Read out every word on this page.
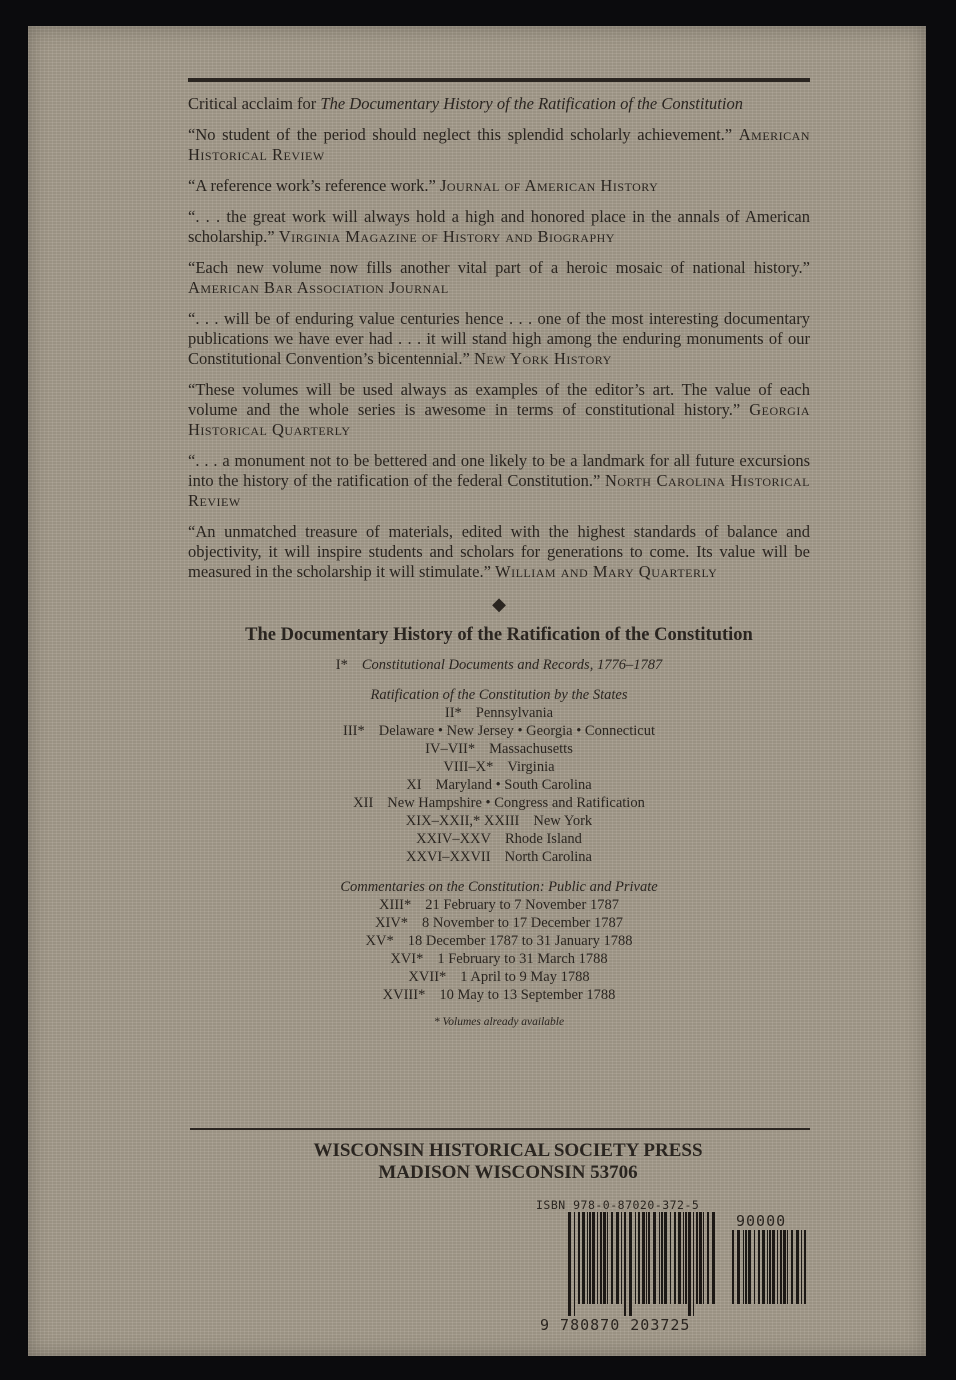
Critical acclaim for The Documentary History of the Ratification of the Constitution
“No student of the period should neglect this splendid scholarly achievement.” American Historical Review
“A reference work’s reference work.” Journal of American History
“. . . the great work will always hold a high and honored place in the annals of American scholarship.” Virginia Magazine of History and Biography
“Each new volume now fills another vital part of a heroic mosaic of national history.” American Bar Association Journal
“. . . will be of enduring value centuries hence . . . one of the most interesting documentary publications we have ever had . . . it will stand high among the enduring monuments of our Constitutional Convention’s bicentennial.” New York History
“These volumes will be used always as examples of the editor’s art. The value of each volume and the whole series is awesome in terms of constitutional history.” Georgia Historical Quarterly
“. . . a monument not to be bettered and one likely to be a landmark for all future excursions into the history of the ratification of the federal Constitution.” North Carolina Historical Review
“An unmatched treasure of materials, edited with the highest standards of balance and objectivity, it will inspire students and scholars for generations to come. Its value will be measured in the scholarship it will stimulate.” William and Mary Quarterly
◆
The Documentary History of the Ratification of the Constitution
I* Constitutional Documents and Records, 1776–1787
Ratification of the Constitution by the States
II* Pennsylvania
III* Delaware • New Jersey • Georgia • Connecticut
IV–VII* Massachusetts
VIII–X* Virginia
XI Maryland • South Carolina
XII New Hampshire • Congress and Ratification
XIX–XXII,* XXIII New York
XXIV–XXV Rhode Island
XXVI–XXVII North Carolina
Commentaries on the Constitution: Public and Private
XIII* 21 February to 7 November 1787
XIV* 8 November to 17 December 1787
XV* 18 December 1787 to 31 January 1788
XVI* 1 February to 31 March 1788
XVII* 1 April to 9 May 1788
XVIII* 10 May to 13 September 1788
* Volumes already available
WISCONSIN HISTORICAL SOCIETY PRESS
MADISON WISCONSIN 53706
ISBN 978-0-87020-372-5
90000
9 780870 203725
